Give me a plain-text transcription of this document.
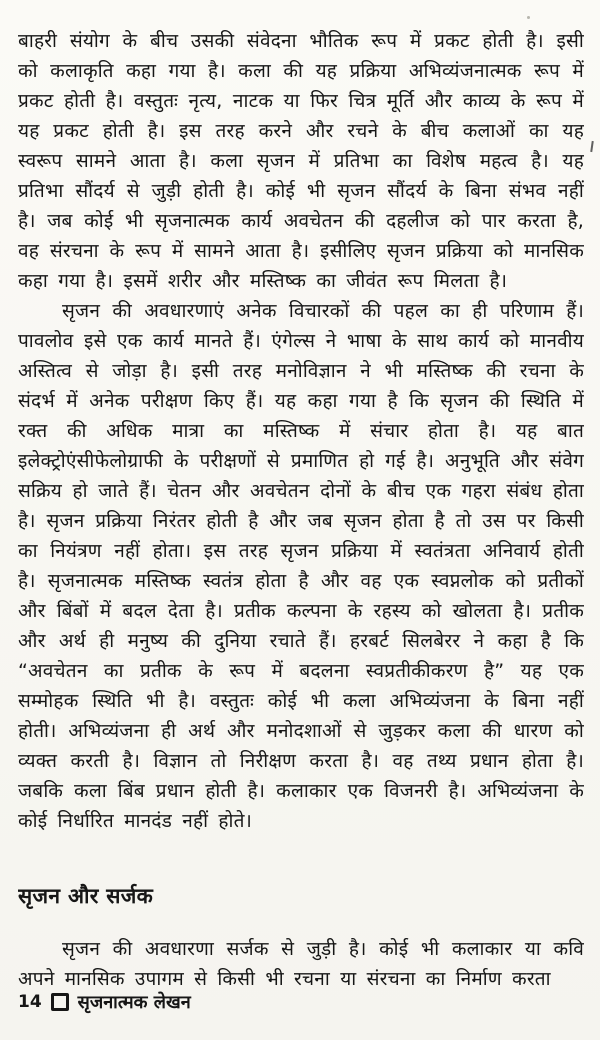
बाहरी संयोग के बीच उसकी संवेदना भौतिक रूप में प्रकट होती है। इसी को कलाकृति कहा गया है। कला की यह प्रक्रिया अभिव्यंजनात्मक रूप में प्रकट होती है। वस्तुतः नृत्य, नाटक या फिर चित्र मूर्ति और काव्य के रूप में यह प्रकट होती है। इस तरह करने और रचने के बीच कलाओं का यह स्वरूप सामने आता है। कला सृजन में प्रतिभा का विशेष महत्व है। यह प्रतिभा सौंदर्य से जुड़ी होती है। कोई भी सृजन सौंदर्य के बिना संभव नहीं है। जब कोई भी सृजनात्मक कार्य अवचेतन की दहलीज को पार करता है, वह संरचना के रूप में सामने आता है। इसीलिए सृजन प्रक्रिया को मानसिक कहा गया है। इसमें शरीर और मस्तिष्क का जीवंत रूप मिलता है।

सृजन की अवधारणाएं अनेक विचारकों की पहल का ही परिणाम हैं। पावलोव इसे एक कार्य मानते हैं। एंगेल्स ने भाषा के साथ कार्य को मानवीय अस्तित्व से जोड़ा है। इसी तरह मनोविज्ञान ने भी मस्तिष्क की रचना के संदर्भ में अनेक परीक्षण किए हैं। यह कहा गया है कि सृजन की स्थिति में रक्त की अधिक मात्रा का मस्तिष्क में संचार होता है। यह बात इलेक्ट्रोएंसीफेलोग्राफी के परीक्षणों से प्रमाणित हो गई है। अनुभूति और संवेग सक्रिय हो जाते हैं। चेतन और अवचेतन दोनों के बीच एक गहरा संबंध होता है। सृजन प्रक्रिया निरंतर होती है और जब सृजन होता है तो उस पर किसी का नियंत्रण नहीं होता। इस तरह सृजन प्रक्रिया में स्वतंत्रता अनिवार्य होती है। सृजनात्मक मस्तिष्क स्वतंत्र होता है और वह एक स्वप्नलोक को प्रतीकों और बिंबों में बदल देता है। प्रतीक कल्पना के रहस्य को खोलता है। प्रतीक और अर्थ ही मनुष्य की दुनिया रचाते हैं। हरबर्ट सिलबेरर ने कहा है कि “अवचेतन का प्रतीक के रूप में बदलना स्वप्रतीकीकरण है” यह एक सम्मोहक स्थिति भी है। वस्तुतः कोई भी कला अभिव्यंजना के बिना नहीं होती। अभिव्यंजना ही अर्थ और मनोदशाओं से जुड़कर कला की धारण को व्यक्त करती है। विज्ञान तो निरीक्षण करता है। वह तथ्य प्रधान होता है। जबकि कला बिंब प्रधान होती है। कलाकार एक विजनरी है। अभिव्यंजना के कोई निर्धारित मानदंड नहीं होते।

सृजन और सर्जक

सृजन की अवधारणा सर्जक से जुड़ी है। कोई भी कलाकार या कवि अपने मानसिक उपागम से किसी भी रचना या संरचना का निर्माण करता

14 सृजनात्मक लेखन
